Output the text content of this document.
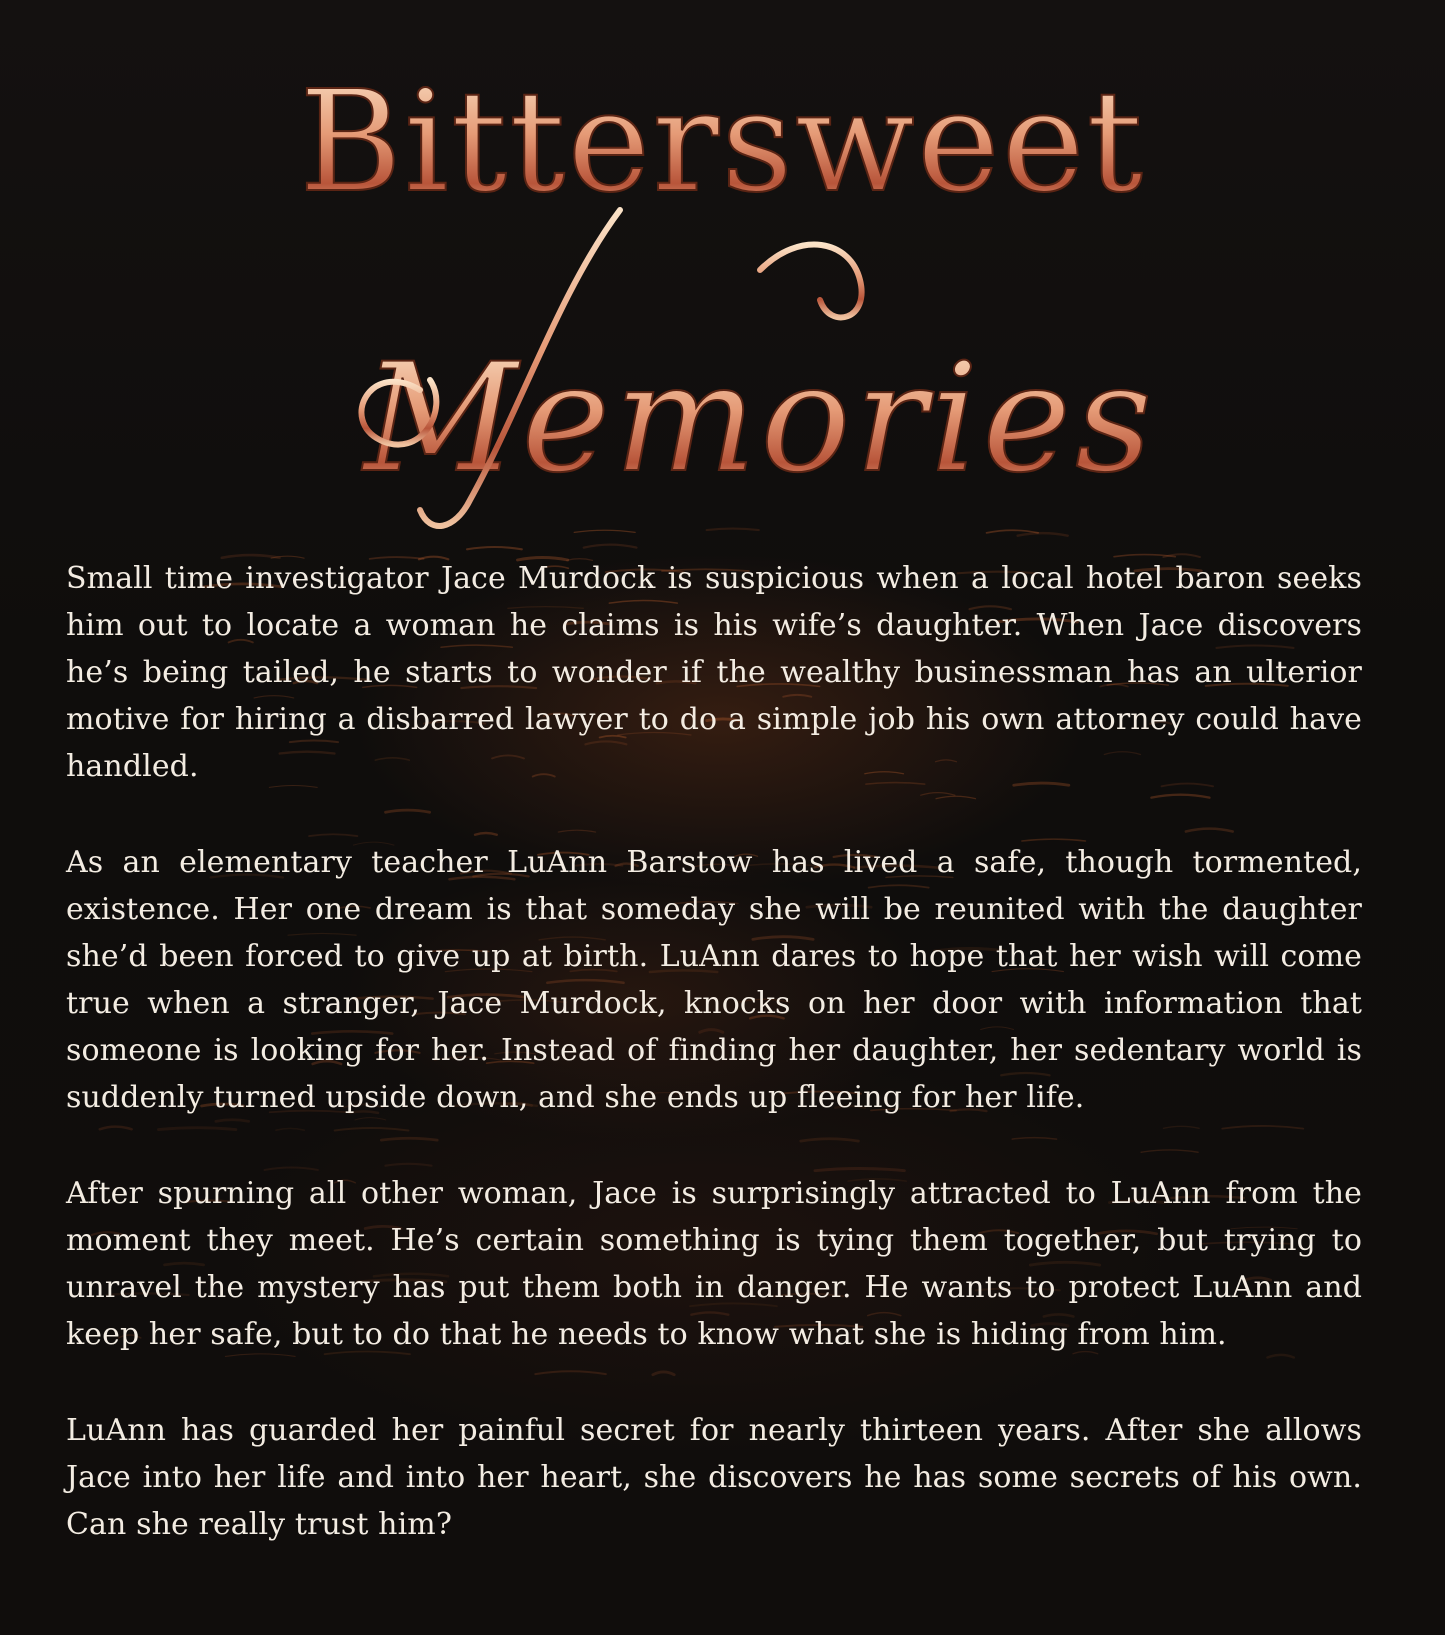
Bittersweet
Memories

Small time investigator Jace Murdock is suspicious when a local hotel baron seeks him out to locate a woman he claims is his wife’s daughter. When Jace discovers he’s being tailed, he starts to wonder if the wealthy businessman has an ulterior motive for hiring a disbarred lawyer to do a simple job his own attorney could have handled.

As an elementary teacher LuAnn Barstow has lived a safe, though tormented, existence. Her one dream is that someday she will be reunited with the daughter she’d been forced to give up at birth. LuAnn dares to hope that her wish will come true when a stranger, Jace Murdock, knocks on her door with information that someone is looking for her. Instead of finding her daughter, her sedentary world is suddenly turned upside down, and she ends up fleeing for her life.

After spurning all other woman, Jace is surprisingly attracted to LuAnn from the moment they meet. He’s certain something is tying them together, but trying to unravel the mystery has put them both in danger. He wants to protect LuAnn and keep her safe, but to do that he needs to know what she is hiding from him.

LuAnn has guarded her painful secret for nearly thirteen years. After she allows Jace into her life and into her heart, she discovers he has some secrets of his own. Can she really trust him?
